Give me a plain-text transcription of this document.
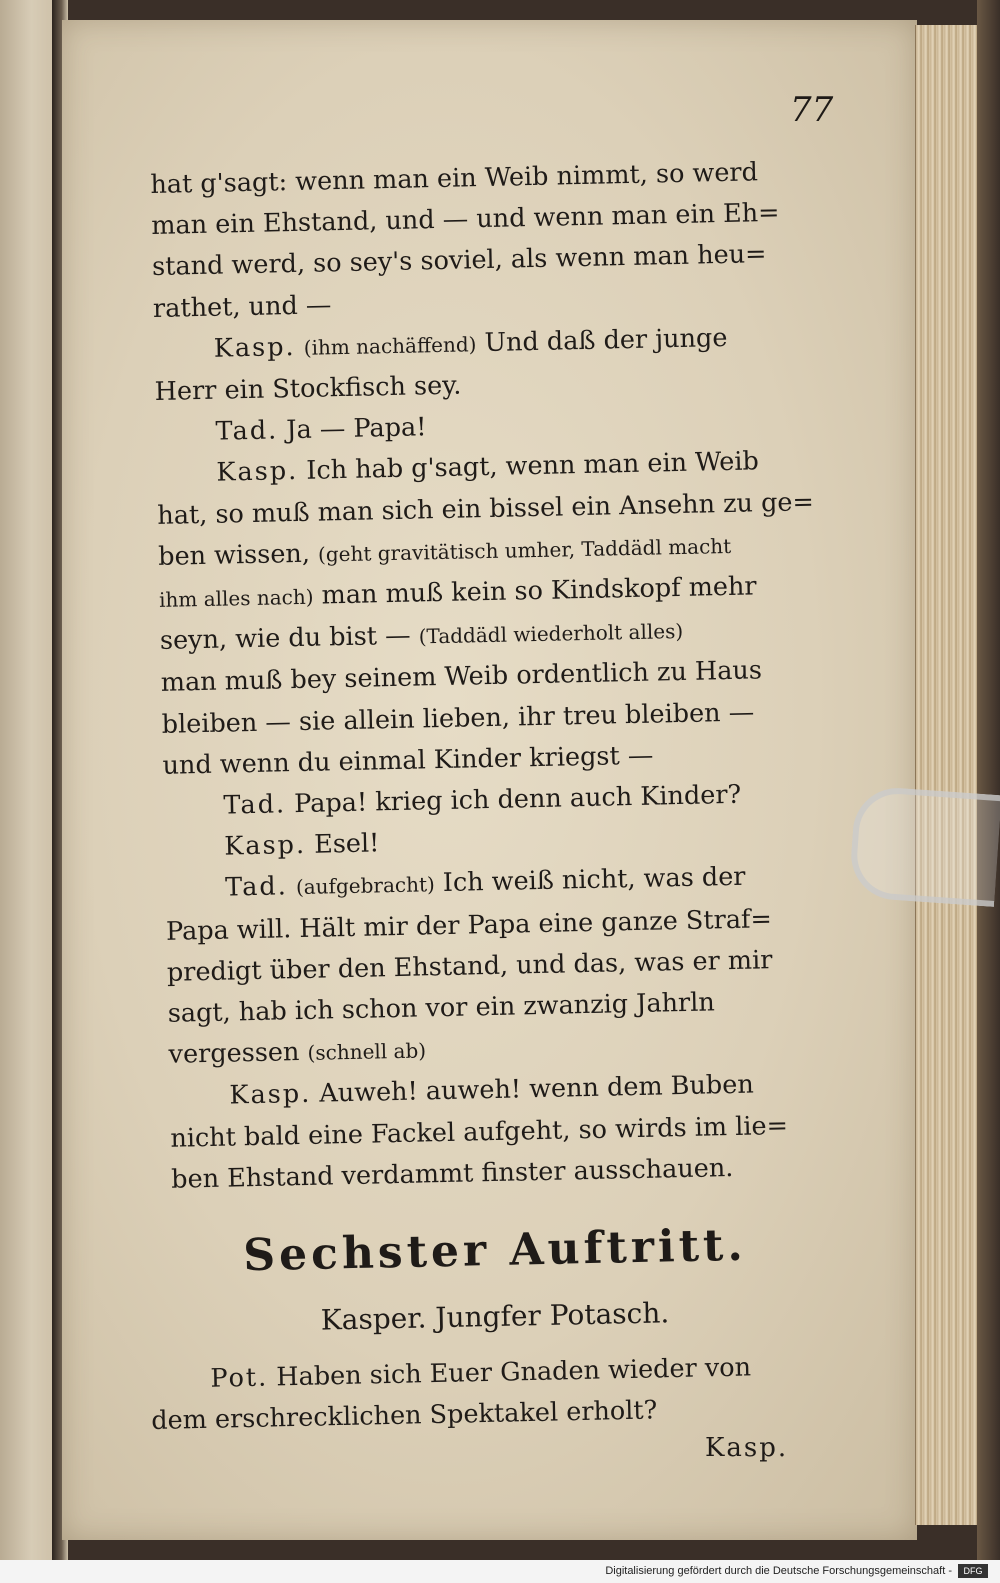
77
hat g'sagt: wenn man ein Weib nimmt, so werd
man ein Ehstand, und — und wenn man ein Eh=
stand werd, so sey's soviel, als wenn man heu=
rathet, und —
Kasp. (ihm nachäffend) Und daß der junge
Herr ein Stockfisch sey.
Tad. Ja — Papa!
Kasp. Ich hab g'sagt, wenn man ein Weib
hat, so muß man sich ein bissel ein Ansehn zu ge=
ben wissen, (geht gravitätisch umher, Taddädl macht
ihm alles nach) man muß kein so Kindskopf mehr
seyn, wie du bist — (Taddädl wiederholt alles)
man muß bey seinem Weib ordentlich zu Haus
bleiben — sie allein lieben, ihr treu bleiben —
und wenn du einmal Kinder kriegst —
Tad. Papa! krieg ich denn auch Kinder?
Kasp. Esel!
Tad. (aufgebracht) Ich weiß nicht, was der
Papa will. Hält mir der Papa eine ganze Straf=
predigt über den Ehstand, und das, was er mir
sagt, hab ich schon vor ein zwanzig Jahrln
vergessen (schnell ab)
Kasp. Auweh! auweh! wenn dem Buben
nicht bald eine Fackel aufgeht, so wirds im lie=
ben Ehstand verdammt finster ausschauen.
Sechster Auftritt.
Kasper. Jungfer Potasch.
Pot. Haben sich Euer Gnaden wieder von
dem erschrecklichen Spektakel erholt?
Kasp.
Digitalisierung gefördert durch die Deutsche Forschungsgemeinschaft -	DFG
